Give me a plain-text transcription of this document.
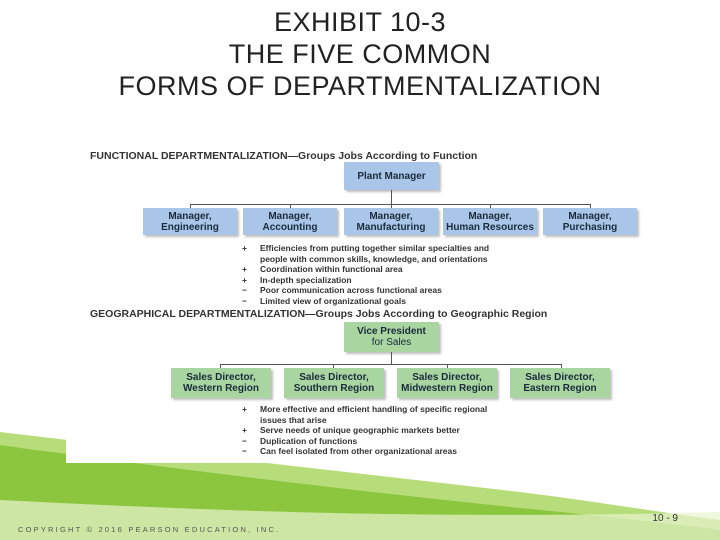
EXHIBIT 10-3
THE FIVE COMMON
FORMS OF DEPARTMENTALIZATION
FUNCTIONAL DEPARTMENTALIZATION—Groups Jobs According to Function
Plant Manager
Manager,
Engineering
Manager,
Accounting
Manager,
Manufacturing
Manager,
Human Resources
Manager,
Purchasing
+	Efficiencies from putting together similar specialties and people with common skills, knowledge, and orientations
+	Coordination within functional area
+	In-depth specialization
−	Poor communication across functional areas
−	Limited view of organizational goals
GEOGRAPHICAL DEPARTMENTALIZATION—Groups Jobs According to Geographic Region
Vice President
for Sales
Sales Director,
Western Region
Sales Director,
Southern Region
Sales Director,
Midwestern Region
Sales Director,
Eastern Region
+	More effective and efficient handling of specific regional issues that arise
+	Serve needs of unique geographic markets better
−	Duplication of functions
−	Can feel isolated from other organizational areas
COPYRIGHT © 2016 PEARSON EDUCATION, INC.
10 - 9
